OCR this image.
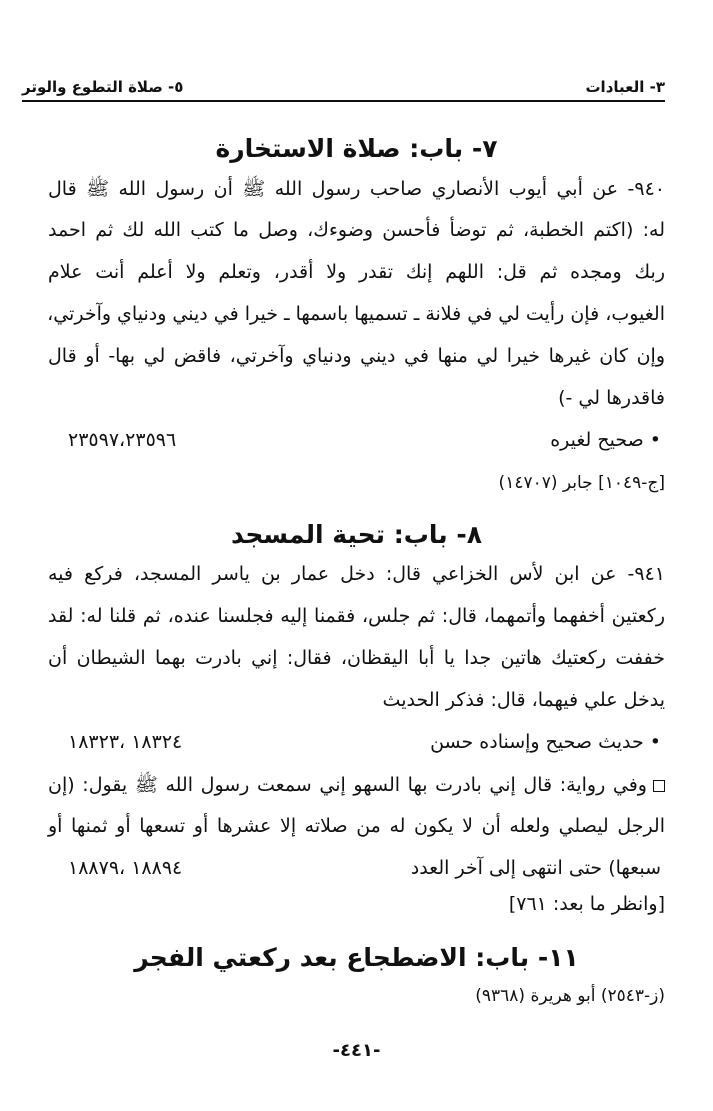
٣- العبادات
٥- صلاة التطوع والوتر
٧- باب: صلاة الاستخارة
٩٤٠- عن أبي أيوب الأنصاري صاحب رسول الله ﷺ أن رسول الله ﷺ قال
له: (اكتم الخطبة، ثم توضأ فأحسن وضوءك، وصل ما كتب الله لك ثم احمد
ربك ومجده ثم قل: اللهم إنك تقدر ولا أقدر، وتعلم ولا أعلم أنت علام
الغيوب، فإن رأيت لي في فلانة ـ تسميها باسمها ـ خيرا في ديني ودنياي وآخرتي،
وإن كان غيرها خيرا لي منها في ديني ودنياي وآخرتي، فاقض لي بها- أو قال
فاقدرها لي -)
• صحيح لغيره
٢٣٥٩٧،٢٣٥٩٦
[ج-١٠٤٩] جابر (١٤٧٠٧)
٨- باب: تحية المسجد
٩٤١- عن ابن لأس الخزاعي قال: دخل عمار بن ياسر المسجد، فركع فيه
ركعتين أخفهما وأتمهما، قال: ثم جلس، فقمنا إليه فجلسنا عنده، ثم قلنا له: لقد
خففت ركعتيك هاتين جدا يا أبا اليقظان، فقال: إني بادرت بهما الشيطان أن
يدخل علي فيهما، قال: فذكر الحديث
• حديث صحيح وإسناده حسن
١٨٣٢٤ ،١٨٣٢٣
وفي رواية: قال إني بادرت بها السهو إني سمعت رسول الله ﷺ يقول: (إن
الرجل ليصلي ولعله أن لا يكون له من صلاته إلا عشرها أو تسعها أو ثمنها أو
سبعها) حتى انتهى إلى آخر العدد
١٨٨٩٤ ،١٨٨٧٩
[وانظر ما بعد: ٧٦١]
١١- باب: الاضطجاع بعد ركعتي الفجر
(ز-٢٥٤٣) أبو هريرة (٩٣٦٨)
-٤٤١-
